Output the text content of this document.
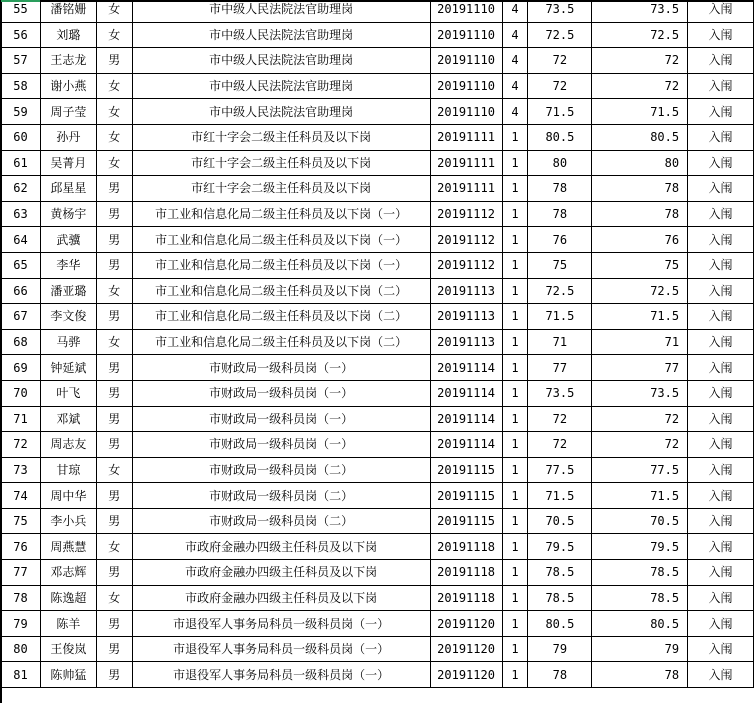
55	潘铭姗	女	市中级人民法院法官助理岗	20191110	4	73.5	73.5	入闱
56	刘璐	女	市中级人民法院法官助理岗	20191110	4	72.5	72.5	入闱
57	王志龙	男	市中级人民法院法官助理岗	20191110	4	72	72	入闱
58	谢小燕	女	市中级人民法院法官助理岗	20191110	4	72	72	入闱
59	周子莹	女	市中级人民法院法官助理岗	20191110	4	71.5	71.5	入闱
60	孙丹	女	市红十字会二级主任科员及以下岗	20191111	1	80.5	80.5	入闱
61	吴菁月	女	市红十字会二级主任科员及以下岗	20191111	1	80	80	入闱
62	邱星星	男	市红十字会二级主任科员及以下岗	20191111	1	78	78	入闱
63	黄杨宇	男	市工业和信息化局二级主任科员及以下岗（一）	20191112	1	78	78	入闱
64	武骥	男	市工业和信息化局二级主任科员及以下岗（一）	20191112	1	76	76	入闱
65	李华	男	市工业和信息化局二级主任科员及以下岗（一）	20191112	1	75	75	入闱
66	潘亚璐	女	市工业和信息化局二级主任科员及以下岗（二）	20191113	1	72.5	72.5	入闱
67	李文俊	男	市工业和信息化局二级主任科员及以下岗（二）	20191113	1	71.5	71.5	入闱
68	马骅	女	市工业和信息化局二级主任科员及以下岗（二）	20191113	1	71	71	入闱
69	钟延斌	男	市财政局一级科员岗（一）	20191114	1	77	77	入闱
70	叶飞	男	市财政局一级科员岗（一）	20191114	1	73.5	73.5	入闱
71	邓斌	男	市财政局一级科员岗（一）	20191114	1	72	72	入闱
72	周志友	男	市财政局一级科员岗（一）	20191114	1	72	72	入闱
73	甘琼	女	市财政局一级科员岗（二）	20191115	1	77.5	77.5	入闱
74	周中华	男	市财政局一级科员岗（二）	20191115	1	71.5	71.5	入闱
75	李小兵	男	市财政局一级科员岗（二）	20191115	1	70.5	70.5	入闱
76	周燕慧	女	市政府金融办四级主任科员及以下岗	20191118	1	79.5	79.5	入闱
77	邓志辉	男	市政府金融办四级主任科员及以下岗	20191118	1	78.5	78.5	入闱
78	陈逸超	女	市政府金融办四级主任科员及以下岗	20191118	1	78.5	78.5	入闱
79	陈羊	男	市退役军人事务局科员一级科员岗（一）	20191120	1	80.5	80.5	入闱
80	王俊岚	男	市退役军人事务局科员一级科员岗（一）	20191120	1	79	79	入闱
81	陈帅猛	男	市退役军人事务局科员一级科员岗（一）	20191120	1	78	78	入闱
